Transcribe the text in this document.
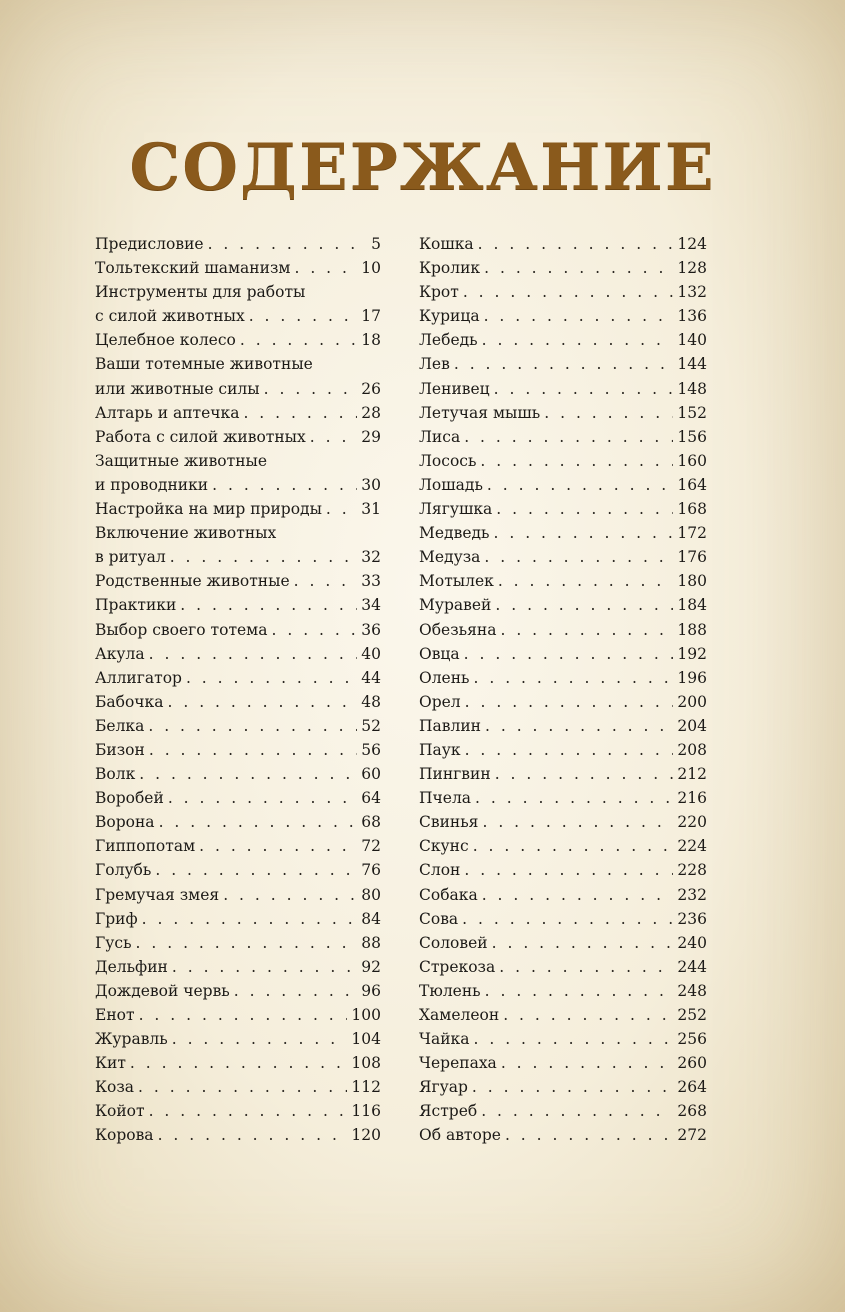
СОДЕРЖАНИЕ
Предисловие . . .	5
Тольтекский шаманизм . . .	10
Инструменты для работы
с силой животных . . .	17
Целебное колесо . . .	18
Ваши тотемные животные
или животные силы . . .	26
Алтарь и аптечка . . .	28
Работа с силой животных . . .	29
Защитные животные
и проводники . . .	30
Настройка на мир природы . . .	31
Включение животных
в ритуал . . .	32
Родственные животные . . .	33
Практики . . .	34
Выбор своего тотема . . .	36
Акула . . .	40
Аллигатор . . .	44
Бабочка . . .	48
Белка . . .	52
Бизон . . .	56
Волк . . .	60
Воробей . . .	64
Ворона . . .	68
Гиппопотам . . .	72
Голубь . . .	76
Гремучая змея . . .	80
Гриф . . .	84
Гусь . . .	88
Дельфин . . .	92
Дождевой червь . . .	96
Енот . . .	100
Журавль . . .	104
Кит . . .	108
Коза . . .	112
Койот . . .	116
Корова . . .	120
Кошка . . .	124
Кролик . . .	128
Крот . . .	132
Курица . . .	136
Лебедь . . .	140
Лев . . .	144
Ленивец . . .	148
Летучая мышь . . .	152
Лиса . . .	156
Лосось . . .	160
Лошадь . . .	164
Лягушка . . .	168
Медведь . . .	172
Медуза . . .	176
Мотылек . . .	180
Муравей . . .	184
Обезьяна . . .	188
Овца . . .	192
Олень . . .	196
Орел . . .	200
Павлин . . .	204
Паук . . .	208
Пингвин . . .	212
Пчела . . .	216
Свинья . . .	220
Скунс . . .	224
Слон . . .	228
Собака . . .	232
Сова . . .	236
Соловей . . .	240
Стрекоза . . .	244
Тюлень . . .	248
Хамелеон . . .	252
Чайка . . .	256
Черепаха . . .	260
Ягуар . . .	264
Ястреб . . .	268
Об авторе . . .	272
